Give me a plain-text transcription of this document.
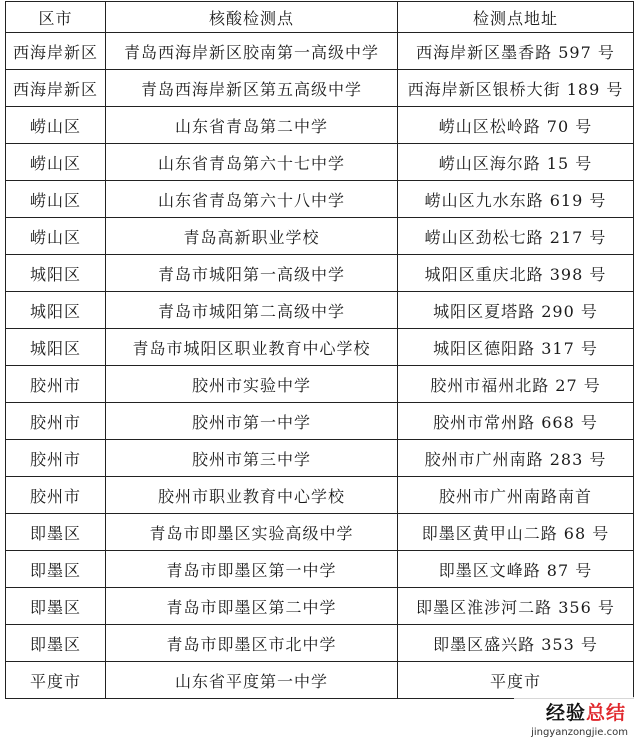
区市	核酸检测点	检测点地址
西海岸新区	青岛西海岸新区胶南第一高级中学	西海岸新区墨香路 597 号
西海岸新区	青岛西海岸新区第五高级中学	西海岸新区银桥大街 189 号
崂山区	山东省青岛第二中学	崂山区松岭路 70 号
崂山区	山东省青岛第六十七中学	崂山区海尔路 15 号
崂山区	山东省青岛第六十八中学	崂山区九水东路 619 号
崂山区	青岛高新职业学校	崂山区劲松七路 217 号
城阳区	青岛市城阳第一高级中学	城阳区重庆北路 398 号
城阳区	青岛市城阳第二高级中学	城阳区夏塔路 290 号
城阳区	青岛市城阳区职业教育中心学校	城阳区德阳路 317 号
胶州市	胶州市实验中学	胶州市福州北路 27 号
胶州市	胶州市第一中学	胶州市常州路 668 号
胶州市	胶州市第三中学	胶州市广州南路 283 号
胶州市	胶州市职业教育中心学校	胶州市广州南路南首
即墨区	青岛市即墨区实验高级中学	即墨区黄甲山二路 68 号
即墨区	青岛市即墨区第一中学	即墨区文峰路 87 号
即墨区	青岛市即墨区第二中学	即墨区淮涉河二路 356 号
即墨区	青岛市即墨区市北中学	即墨区盛兴路 353 号
平度市	山东省平度第一中学	平度市
经验总结
jingyanzongjie.com
